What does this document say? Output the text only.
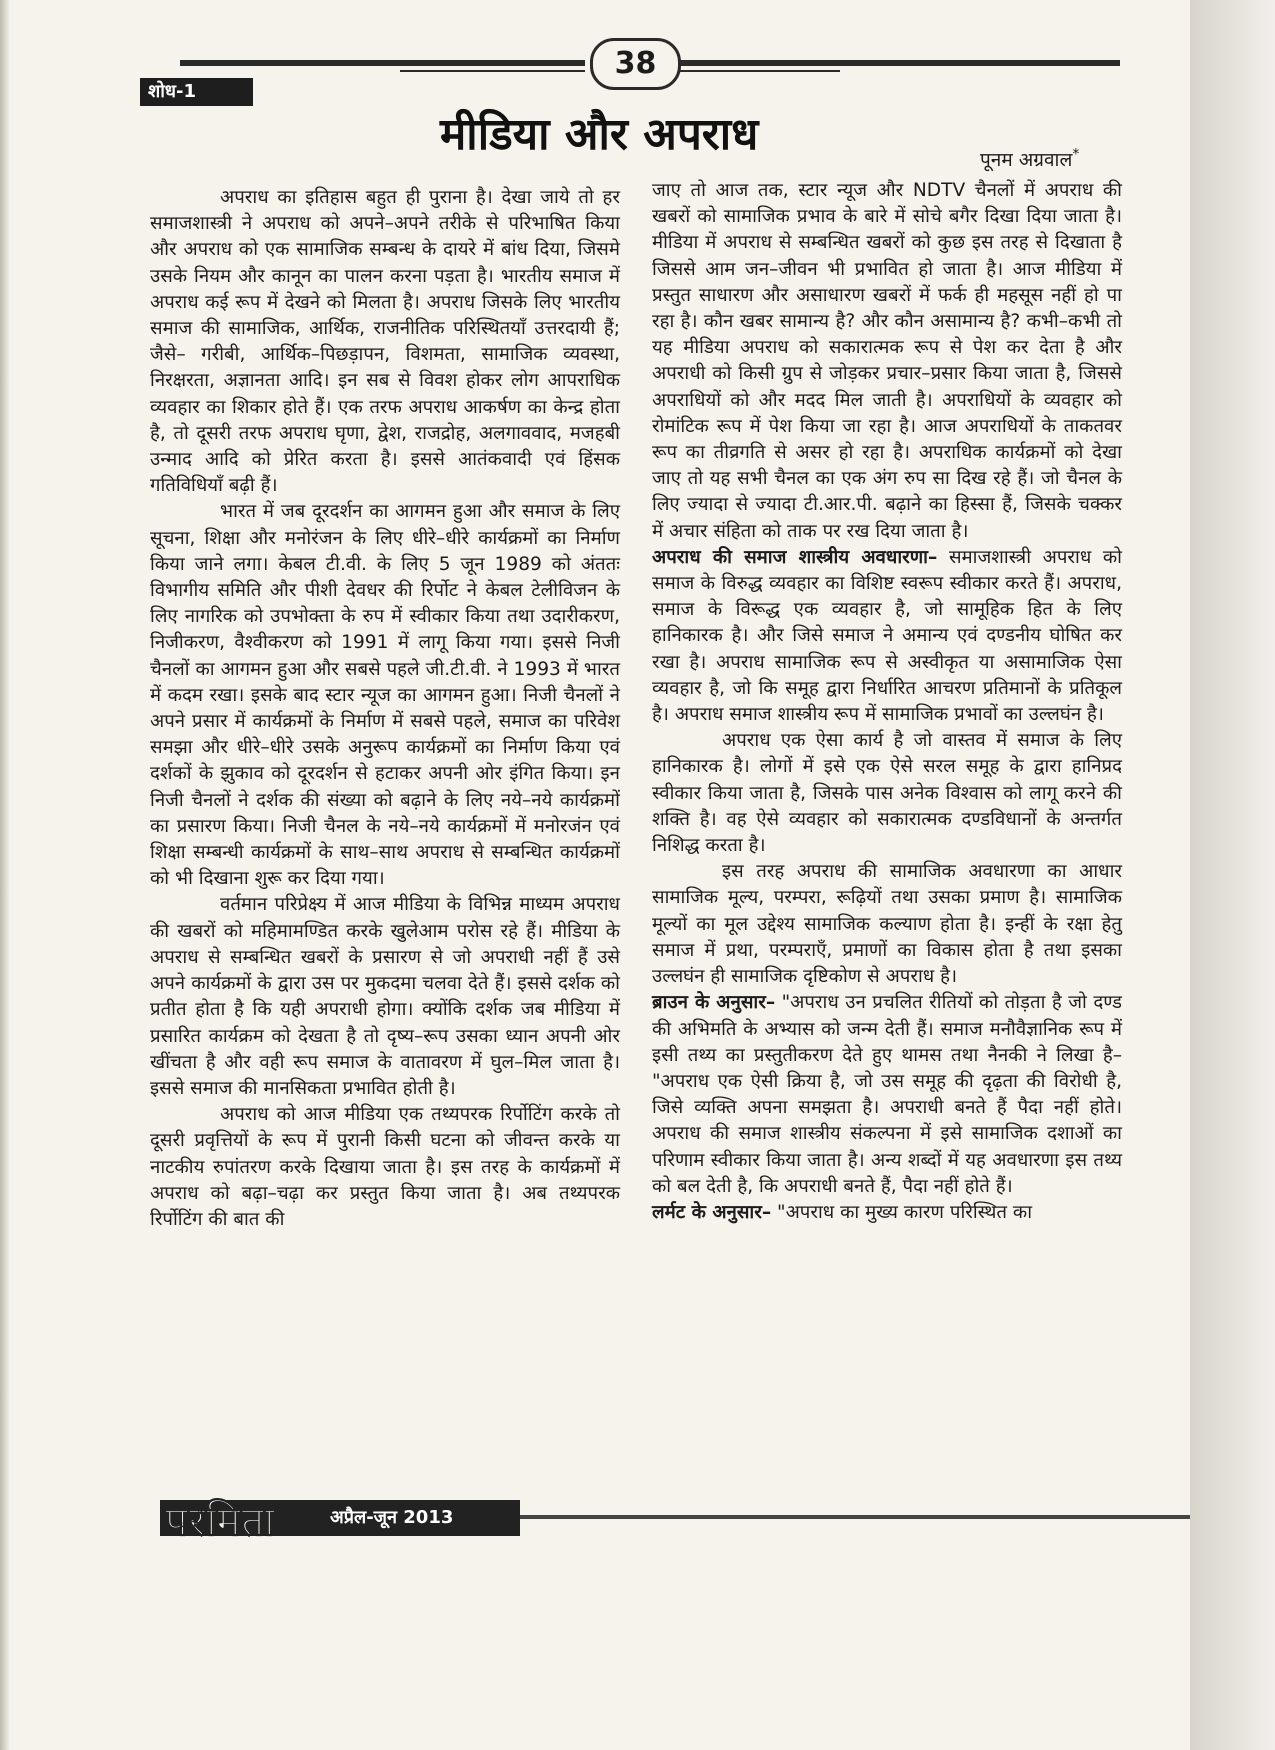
38
शोध-1
मीडिया और अपराध	पूनम अग्रवाल*

अपराध का इतिहास बहुत ही पुराना है। देखा जाये तो हर समाजशास्त्री ने अपराध को अपने–अपने तरीके से परिभाषित किया और अपराध को एक सामाजिक सम्बन्ध के दायरे में बांध दिया, जिसमे उसके नियम और कानून का पालन करना पड़ता है। भारतीय समाज में अपराध कई रूप में देखने को मिलता है। अपराध जिसके लिए भारतीय समाज की सामाजिक, आर्थिक, राजनीतिक परिस्थितयाँ उत्तरदायी हैं; जैसे– गरीबी, आर्थिक–पिछड़ापन, विशमता, सामाजिक व्यवस्था, निरक्षरता, अज्ञानता आदि। इन सब से विवश होकर लोग आपराधिक व्यवहार का शिकार होते हैं। एक तरफ अपराध आकर्षण का केन्द्र होता है, तो दूसरी तरफ अपराध घृणा, द्वेश, राजद्रोह, अलगाववाद, मजहबी उन्माद आदि को प्रेरित करता है। इससे आतंकवादी एवं हिंसक गतिविधियाँ बढ़ी हैं।

भारत में जब दूरदर्शन का आगमन हुआ और समाज के लिए सूचना, शिक्षा और मनोरंजन के लिए धीरे–धीरे कार्यक्रमों का निर्माण किया जाने लगा। केबल टी.वी. के लिए 5 जून 1989 को अंततः विभागीय समिति और पीशी देवधर की रिर्पोट ने केबल टेलीविजन के लिए नागरिक को उपभोक्ता के रुप में स्वीकार किया तथा उदारीकरण, निजीकरण, वैश्वीकरण को 1991 में लागू किया गया। इससे निजी चैनलों का आगमन हुआ और सबसे पहले जी.टी.वी. ने 1993 में भारत में कदम रखा। इसके बाद स्टार न्यूज का आगमन हुआ। निजी चैनलों ने अपने प्रसार में कार्यक्रमों के निर्माण में सबसे पहले, समाज का परिवेश समझा और धीरे–धीरे उसके अनुरूप कार्यक्रमों का निर्माण किया एवं दर्शकों के झुकाव को दूरदर्शन से हटाकर अपनी ओर इंगित किया। इन निजी चैनलों ने दर्शक की संख्या को बढ़ाने के लिए नये–नये कार्यक्रमों का प्रसारण किया। निजी चैनल के नये–नये कार्यक्रमों में मनोरजंन एवं शिक्षा सम्बन्धी कार्यक्रमों के साथ–साथ अपराध से सम्बन्धित कार्यक्रमों को भी दिखाना शुरू कर दिया गया।

वर्तमान परिप्रेक्ष्य में आज मीडिया के विभिन्न माध्यम अपराध की खबरों को महिमामण्डित करके खुलेआम परोस रहे हैं। मीडिया के अपराध से सम्बन्धित खबरों के प्रसारण से जो अपराधी नहीं हैं उसे अपने कार्यक्रमों के द्वारा उस पर मुकदमा चलवा देते हैं। इससे दर्शक को प्रतीत होता है कि यही अपराधी होगा। क्योंकि दर्शक जब मीडिया में प्रसारित कार्यक्रम को देखता है तो दृष्य–रूप उसका ध्यान अपनी ओर खींचता है और वही रूप समाज के वातावरण में घुल–मिल जाता है। इससे समाज की मानसिकता प्रभावित होती है।

अपराध को आज मीडिया एक तथ्यपरक रिर्पोटिंग करके तो दूसरी प्रवृत्तियों के रूप में पुरानी किसी घटना को जीवन्त करके या नाटकीय रुपांतरण करके दिखाया जाता है। इस तरह के कार्यक्रमों में अपराध को बढ़ा–चढ़ा कर प्रस्तुत किया जाता है। अब तथ्यपरक रिर्पोटिंग की बात की

जाए तो आज तक, स्टार न्यूज और NDTV चैनलों में अपराध की खबरों को सामाजिक प्रभाव के बारे में सोचे बगैर दिखा दिया जाता है। मीडिया में अपराध से सम्बन्धित खबरों को कुछ इस तरह से दिखाता है जिससे आम जन–जीवन भी प्रभावित हो जाता है। आज मीडिया में प्रस्तुत साधारण और असाधारण खबरों में फर्क ही महसूस नहीं हो पा रहा है। कौन खबर सामान्य है? और कौन असामान्य है? कभी–कभी तो यह मीडिया अपराध को सकारात्मक रूप से पेश कर देता है और अपराधी को किसी ग्रुप से जोड़कर प्रचार–प्रसार किया जाता है, जिससे अपराधियों को और मदद मिल जाती है। अपराधियों के व्यवहार को रोमांटिक रूप में पेश किया जा रहा है। आज अपराधियों के ताकतवर रूप का तीव्रगति से असर हो रहा है। अपराधिक कार्यक्रमों को देखा जाए तो यह सभी चैनल का एक अंग रुप सा दिख रहे हैं। जो चैनल के लिए ज्यादा से ज्यादा टी.आर.पी. बढ़ाने का हिस्सा हैं, जिसके चक्कर में अचार संहिता को ताक पर रख दिया जाता है।

अपराध की समाज शास्त्रीय अवधारणा– समाजशास्त्री अपराध को समाज के विरुद्ध व्यवहार का विशिष्ट स्वरूप स्वीकार करते हैं। अपराध, समाज के विरूद्ध एक व्यवहार है, जो सामूहिक हित के लिए हानिकारक है। और जिसे समाज ने अमान्य एवं दण्डनीय घोषित कर रखा है। अपराध सामाजिक रूप से अस्वीकृत या असामाजिक ऐसा व्यवहार है, जो कि समूह द्वारा निर्धारित आचरण प्रतिमानों के प्रतिकूल है। अपराध समाज शास्त्रीय रूप में सामाजिक प्रभावों का उल्लघंन है।

अपराध एक ऐसा कार्य है जो वास्तव में समाज के लिए हानिकारक है। लोगों में इसे एक ऐसे सरल समूह के द्वारा हानिप्रद स्वीकार किया जाता है, जिसके पास अनेक विश्वास को लागू करने की शक्ति है। वह ऐसे व्यवहार को सकारात्मक दण्डविधानों के अन्तर्गत निशिद्ध करता है।

इस तरह अपराध की सामाजिक अवधारणा का आधार सामाजिक मूल्य, परम्परा, रूढ़ियों तथा उसका प्रमाण है। सामाजिक मूल्यों का मूल उद्देश्य सामाजिक कल्याण होता है। इन्हीं के रक्षा हेतु समाज में प्रथा, परम्पराएँ, प्रमाणों का विकास होता है तथा इसका उल्लघंन ही सामाजिक दृष्टिकोण से अपराध है।

ब्राउन के अनुसार– "अपराध उन प्रचलित रीतियों को तोड़ता है जो दण्ड की अभिमति के अभ्यास को जन्म देती हैं। समाज मनौवैज्ञानिक रूप में इसी तथ्य का प्रस्तुतीकरण देते हुए थामस तथा नैनकी ने लिखा है– "अपराध एक ऐसी क्रिया है, जो उस समूह की दृढ़ता की विरोधी है, जिसे व्यक्ति अपना समझता है। अपराधी बनते हैं पैदा नहीं होते। अपराध की समाज शास्त्रीय संकल्पना में इसे सामाजिक दशाओं का परिणाम स्वीकार किया जाता है। अन्य शब्दों में यह अवधारणा इस तथ्य को बल देती है, कि अपराधी बनते हैं, पैदा नहीं होते हैं।

लर्मट के अनुसार– "अपराध का मुख्य कारण परिस्थित का

परमिता	अप्रैल-जून 2013
